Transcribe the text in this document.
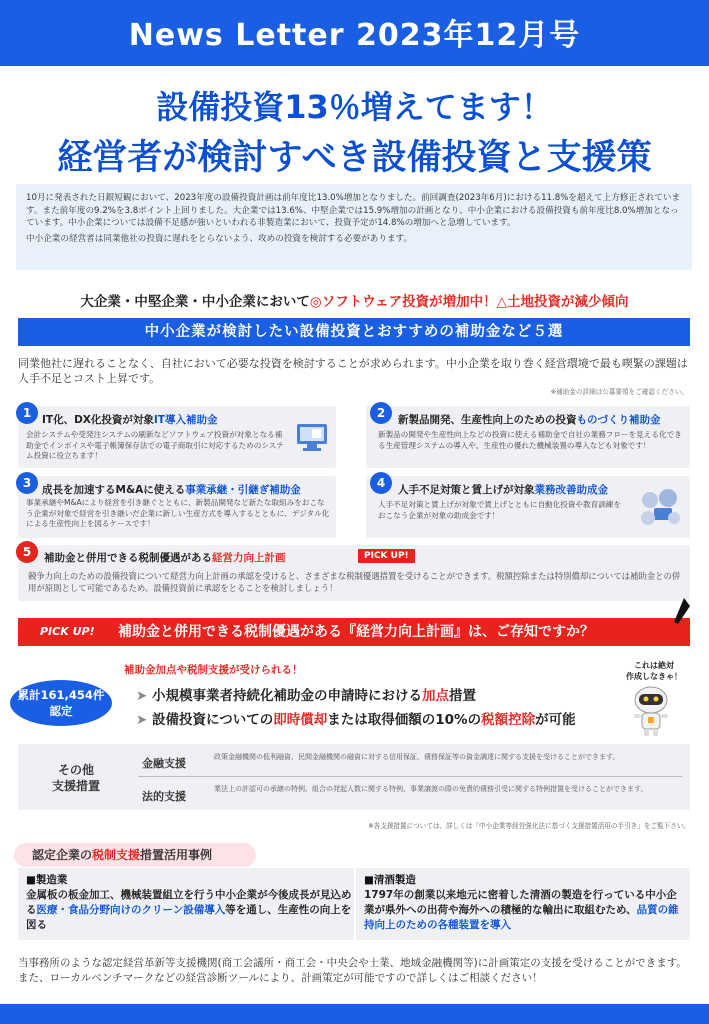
News Letter 2023年12月号
設備投資13％増えてます！
経営者が検討すべき設備投資と支援策

10月に発表された日銀短観において、2023年度の設備投資計画は前年度比13.0%増加となりました。前回調査(2023年6月)における11.8%を超えて上方修正されています。また前年度の9.2%を3.8ポイント上回りました。大企業では13.6%、中堅企業では15.9%増加の計画となり、中小企業における設備投資も前年度比8.0%増加となっています。中小企業については設備不足感が強いといわれる非製造業において、投資予定が14.8%の増加へと急増しています。

中小企業の経営者は同業他社の投資に遅れをとらないよう、攻めの投資を検討する必要があります。

大企業・中堅企業・中小企業において◎ソフトウェア投資が増加中！△土地投資が減少傾向
中小企業が検討したい設備投資とおすすめの補助金など５選
同業他社に遅れることなく、自社において必要な投資を検討することが求められます。中小企業を取り巻く経営環境で最も喫緊の課題は人手不足とコスト上昇です。
※補助金の詳細は公募要領をご確認ください。
1	IT化、DX化投資が対象IT導入補助金
会計システムや受発注システムの刷新などソフトウェア投資が対象となる補助金でインボイスや電子帳簿保存法での電子商取引に対応するためのシステム投資に役立ちます！
2	新製品開発、生産性向上のための投資ものづくり補助金
新製品の開発や生産性向上などの投資に使える補助金で自社の業務フローを見える化できる生産管理システムの導入や、生産性の優れた機械装置の導入なども対象です！
3	成長を加速するM&Aに使える事業承継・引継ぎ補助金
事業承継やM&Aにより経営を引き継ぐとともに、新製品開発など新たな取組みをおこなう企業が対象で経営を引き継いだ企業に新しい生産方式を導入するとともに、デジタル化による生産性向上を図るケースです！
4	人手不足対策と賃上げが対象業務改善助成金
人手不足対策と賃上げが対象で賃上げとともに自動化投資や教育訓練をおこなう企業が対象の助成金です！
5	補助金と併用できる税制優遇がある経営力向上計画	PICK UP!
競争力向上のための設備投資について経営力向上計画の承認を受けると、さまざまな税制優遇措置を受けることができます。税額控除または特別償却については補助金との併用が原則として可能であるため、設備投資前に承認をとることを検討しましょう！
PICK UP! 補助金と併用できる税制優遇がある『経営力向上計画』は、ご存知ですか？
累計161,454件
認定
補助金加点や税制支援が受けられる！
➤ 小規模事業者持続化補助金の申請時における加点措置
➤ 設備投資についての即時償却または取得価額の10%の税額控除が可能
これは絶対
作成しなきゃ！
その他
支援措置
金融支援	政策金融機関の低利融資、民間金融機関の融資に対する信用保証、債務保証等の資金調達に関する支援を受けることができます。
法的支援
業法上の許認可の承継の特例、組合の発起人数に関する特例、事業譲渡の際の免責的債務引受に関する特例措置を受けることができます。
※各支援措置については、詳しくは「中小企業等経営強化法に基づく支援措置活用の手引き」をご覧下さい。
認定企業の税制支援措置活用事例
■製造業
金属板の板金加工、機械装置組立を行う中小企業が今後成長が見込める医療・食品分野向けのクリーン設備導入等を通し、生産性の向上を図る
■清酒製造
1797年の創業以来地元に密着した清酒の製造を行っている中小企業が県外への出荷や海外への積極的な輸出に取組むため、品質の維持向上のための各種装置を導入
当事務所のような認定経営革新等支援機関(商工会議所・商工会・中央会や士業、地域金融機関等)に計画策定の支援を受けることができます。また、ローカルベンチマークなどの経営診断ツールにより、計画策定が可能ですので詳しくはご相談ください！
